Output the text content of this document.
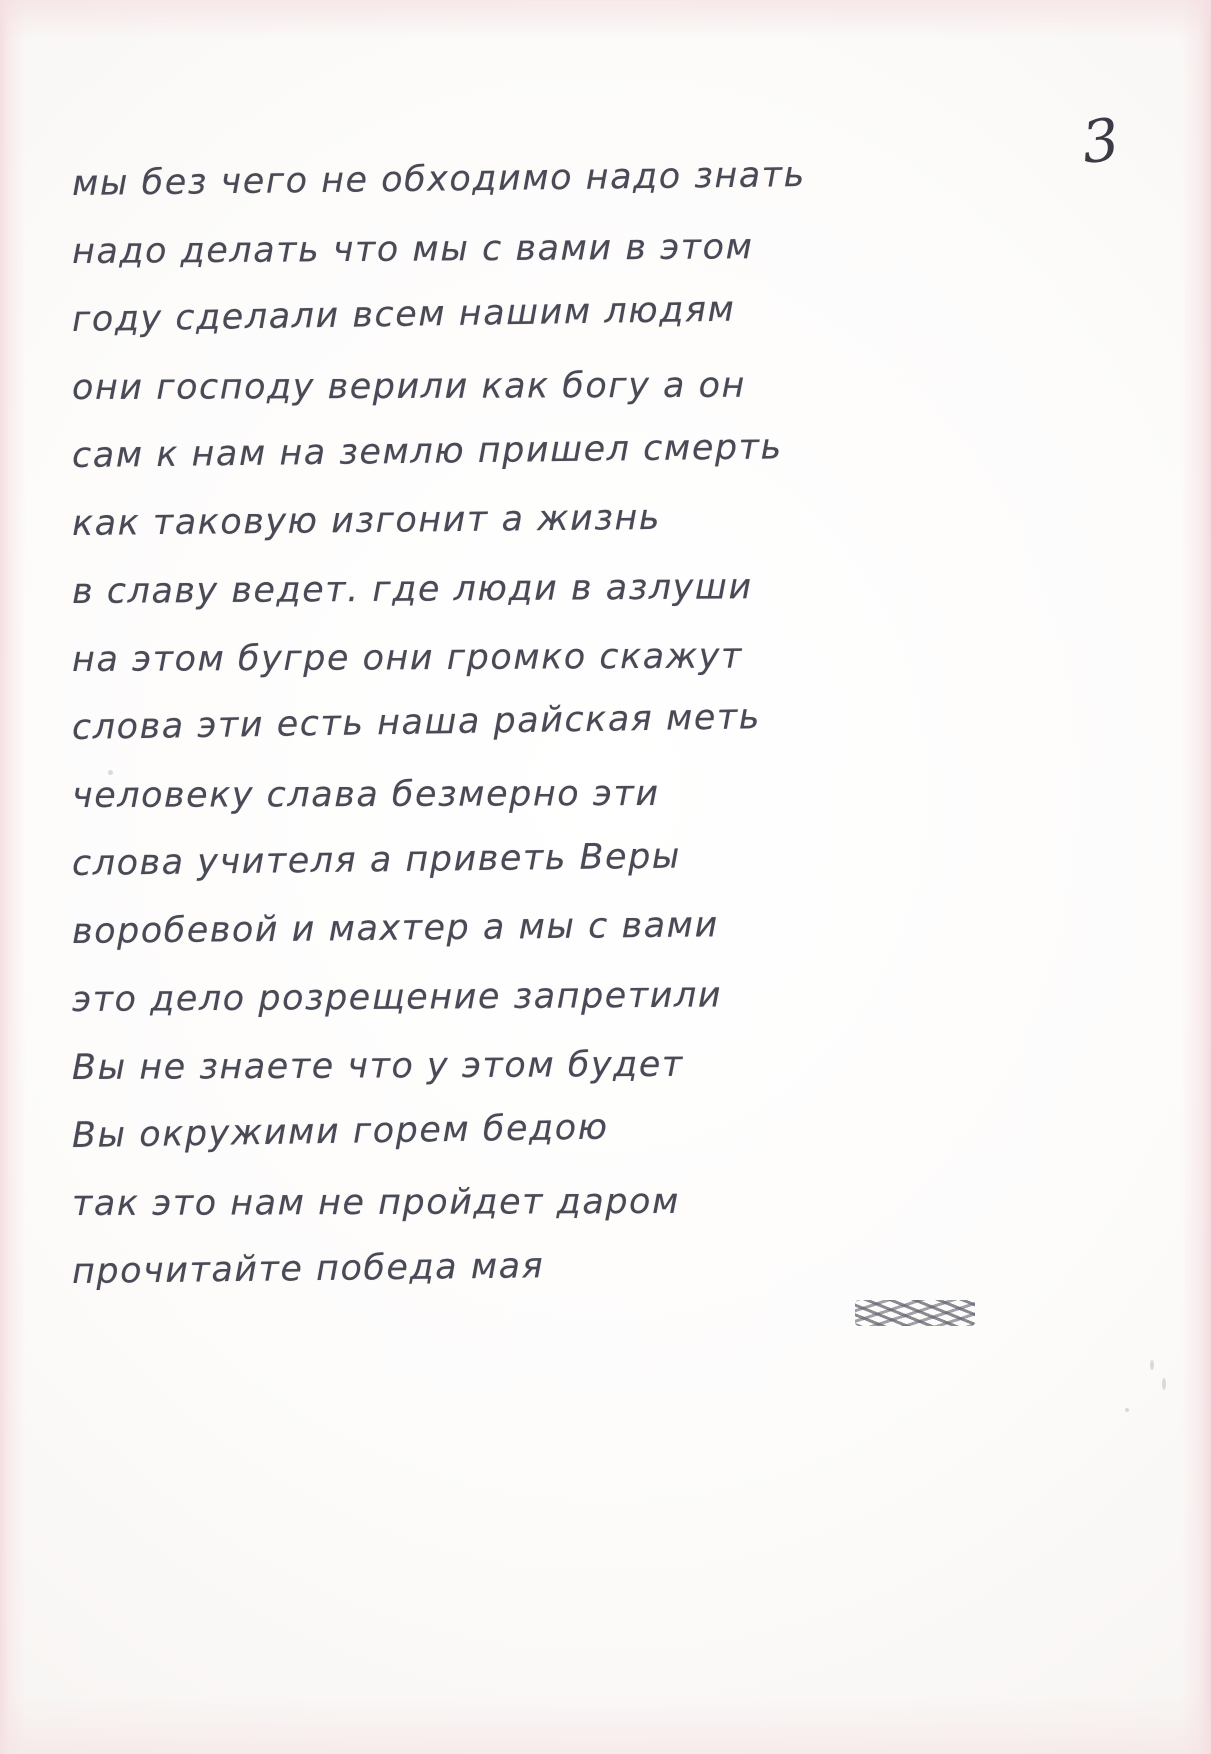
3
мы без чего не обходимо надо знать
надо делать что мы с вами в этом
году сделали всем нашим людям
они господу верили как богу а он
сам к нам на землю пришел смерть
как таковую изгонит а жизнь
в славу ведет. где люди в азлуши
на этом бугре они громко скажут
слова эти есть наша райская меть
человеку слава безмерно эти
слова учителя а приветь Веры
воробевой и махтер а мы с вами
это дело розрещение запретили
Вы не знаете что у этом будет
Вы окружими горем бедою
так это нам не пройдет даром
прочитайте победа мая
